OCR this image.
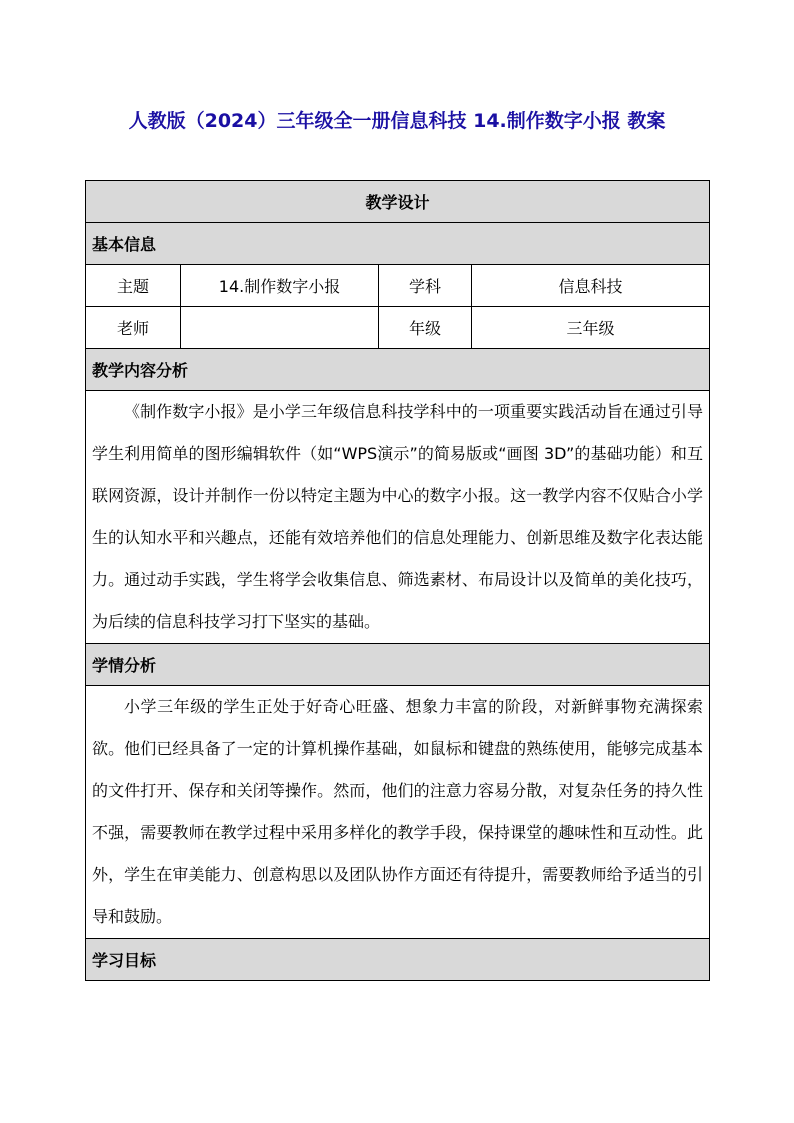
人教版（2024）三年级全一册信息科技 14.制作数字小报 教案
教学设计			
基本信息			
主题	14.制作数字小报	学科	信息科技
老师		年级	三年级
教学内容分析			

《制作数字小报》是小学三年级信息科技学科中的一项重要实践活动旨在通过引导学生利用简单的图形编辑软件（如“WPS演示”的简易版或“画图 3D”的基础功能）和互联网资源，设计并制作一份以特定主题为中心的数字小报。这一教学内容不仅贴合小学生的认知水平和兴趣点，还能有效培养他们的信息处理能力、创新思维及数字化表达能力。通过动手实践，学生将学会收集信息、筛选素材、布局设计以及简单的美化技巧，为后续的信息科技学习打下坚实的基础。			

学情分析			

小学三年级的学生正处于好奇心旺盛、想象力丰富的阶段，对新鲜事物充满探索欲。他们已经具备了一定的计算机操作基础，如鼠标和键盘的熟练使用，能够完成基本的文件打开、保存和关闭等操作。然而，他们的注意力容易分散，对复杂任务的持久性不强，需要教师在教学过程中采用多样化的教学手段，保持课堂的趣味性和互动性。此外，学生在审美能力、创意构思以及团队协作方面还有待提升，需要教师给予适当的引导和鼓励。			

学习目标			
